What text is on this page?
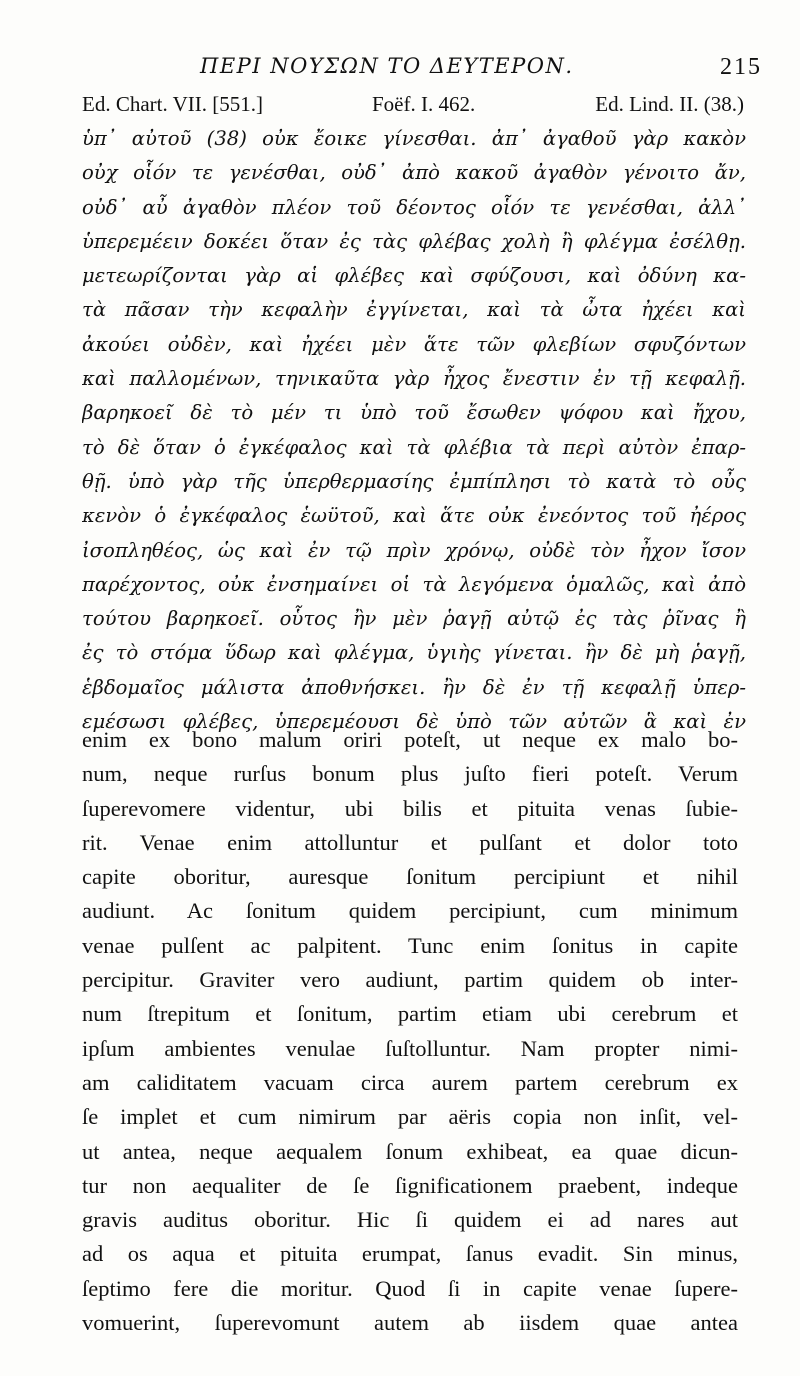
ΠΕΡΙ ΝΟΥΣΩΝ ΤΟ ΔΕΥΤΕΡΟΝ.	215
Ed. Chart. VII. [551.]	Foёf. I. 462.	Ed. Lind. II. (38.)
ὑπ᾿ αὐτοῦ (38) οὐκ ἔοικε γίνεσθαι. ἀπ᾿ ἀγαθοῦ γὰρ κακὸν
οὐχ οἷόν τε γενέσθαι, οὐδ᾿ ἀπὸ κακοῦ ἀγαθὸν γένοιτο ἄν,
οὐδ᾿ αὖ ἀγαθὸν πλέον τοῦ δέοντος οἷόν τε γενέσθαι, ἀλλ᾿
ὑπερεμέειν δοκέει ὅταν ἐς τὰς φλέβας χολὴ ἢ φλέγμα ἐσέλθῃ.
μετεωρίζονται γὰρ αἱ φλέβες καὶ σφύζουσι, καὶ ὀδύνη κα-
τὰ πᾶσαν τὴν κεφαλὴν ἐγγίνεται, καὶ τὰ ὦτα ἠχέει καὶ
ἀκούει οὐδὲν, καὶ ἠχέει μὲν ἅτε τῶν φλεβίων σφυζόντων
καὶ παλλομένων, τηνικαῦτα γὰρ ἦχος ἔνεστιν ἐν τῇ κεφαλῇ.
βαρηκοεῖ δὲ τὸ μέν τι ὑπὸ τοῦ ἔσωθεν ψόφου καὶ ἤχου,
τὸ δὲ ὅταν ὁ ἐγκέφαλος καὶ τὰ φλέβια τὰ περὶ αὐτὸν ἐπαρ-
θῇ. ὑπὸ γὰρ τῆς ὑπερθερμασίης ἐμπίπλησι τὸ κατὰ τὸ οὖς
κενὸν ὁ ἐγκέφαλος ἑωϋτοῦ, καὶ ἅτε οὐκ ἐνεόντος τοῦ ἠέρος
ἰσοπληθέος, ὡς καὶ ἐν τῷ πρὶν χρόνῳ, οὐδὲ τὸν ἦχον ἴσον
παρέχοντος, οὐκ ἐνσημαίνει οἱ τὰ λεγόμενα ὁμαλῶς, καὶ ἀπὸ
τούτου βαρηκοεῖ. οὗτος ἢν μὲν ῥαγῇ αὐτῷ ἐς τὰς ῥῖνας ἢ
ἐς τὸ στόμα ὕδωρ καὶ φλέγμα, ὑγιὴς γίνεται. ἢν δὲ μὴ ῥαγῇ,
ἑβδομαῖος μάλιστα ἀποθνήσκει. ἢν δὲ ἐν τῇ κεφαλῇ ὑπερ-
εμέσωσι φλέβες, ὑπερεμέουσι δὲ ὑπὸ τῶν αὐτῶν ἃ καὶ ἐν
enim ex bono malum oriri poteſt, ut neque ex malo bo-
num, neque rurſus bonum plus juſto fieri poteſt. Verum
ſuperevomere videntur, ubi bilis et pituita venas ſubie-
rit. Venae enim attolluntur et pulſant et dolor toto
capite oboritur, auresque ſonitum percipiunt et nihil
audiunt. Ac ſonitum quidem percipiunt, cum minimum
venae pulſent ac palpitent. Tunc enim ſonitus in capite
percipitur. Graviter vero audiunt, partim quidem ob inter-
num ſtrepitum et ſonitum, partim etiam ubi cerebrum et
ipſum ambientes venulae ſuſtolluntur. Nam propter nimi-
am caliditatem vacuam circa aurem partem cerebrum ex
ſe implet et cum nimirum par aëris copia non inſit, vel-
ut antea, neque aequalem ſonum exhibeat, ea quae dicun-
tur non aequaliter de ſe ſignificationem praebent, indeque
gravis auditus oboritur. Hic ſi quidem ei ad nares aut
ad os aqua et pituita erumpat, ſanus evadit. Sin minus,
ſeptimo fere die moritur. Quod ſi in capite venae ſupere-
vomuerint, ſuperevomunt autem ab iisdem quae antea
